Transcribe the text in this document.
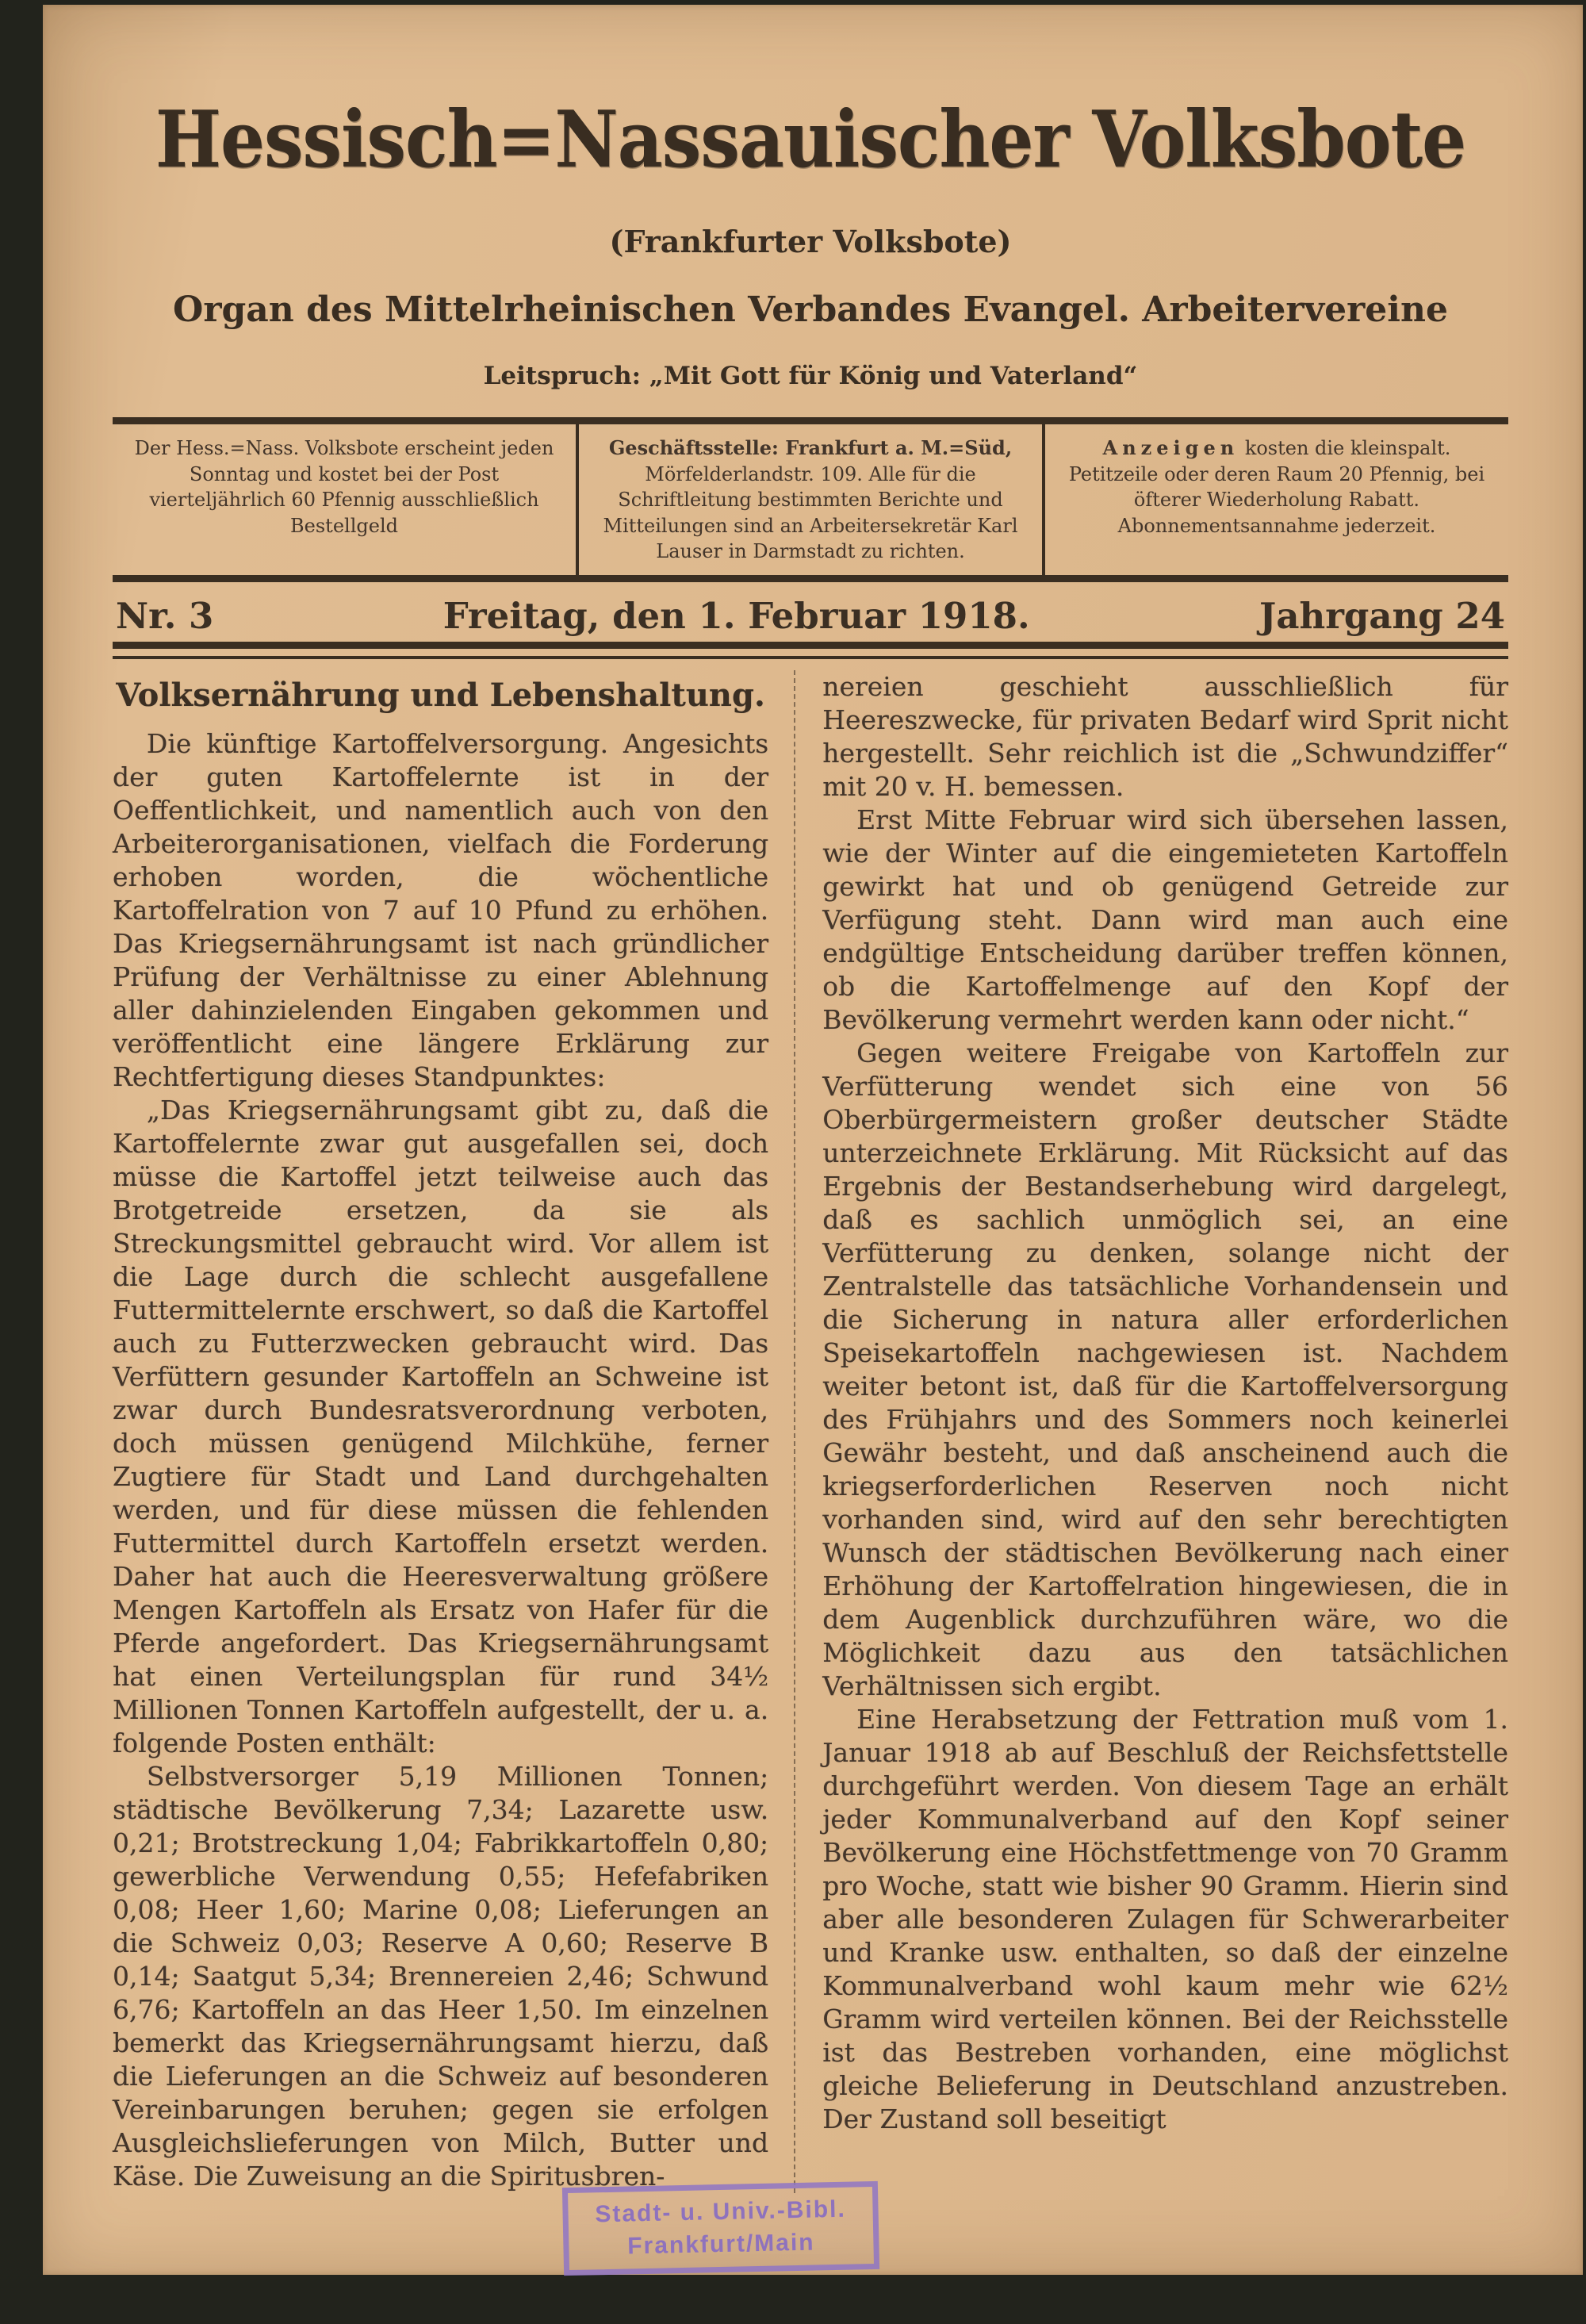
Hessisch=Nassauischer Volksbote
(Frankfurter Volksbote)
Organ des Mittelrheinischen Verbandes Evangel. Arbeitervereine
Leitspruch: „Mit Gott für König und Vaterland“
Der Hess.=Nass. Volksbote erscheint jeden Sonntag und kostet bei der Post vierteljährlich 60 Pfennig ausschließlich Bestellgeld
Geschäftsstelle: Frankfurt a. M.=Süd, Mörfelderlandstr. 109. Alle für die Schriftleitung bestimmten Berichte und Mitteilungen sind an Arbeitersekretär Karl Lauser in Darmstadt zu richten.
Anzeigen kosten die kleinspalt. Petitzeile oder deren Raum 20 Pfennig, bei öfterer Wiederholung Rabatt. Abonnementsannahme jederzeit.
Nr. 3	Freitag, den 1. Februar 1918.	Jahrgang 24
Volksernährung und Lebenshaltung.

Die künftige Kartoffelversorgung. Angesichts der guten Kartoffelernte ist in der Oeffentlichkeit, und namentlich auch von den Arbeiterorganisationen, vielfach die Forderung erhoben worden, die wöchentliche Kartoffelration von 7 auf 10 Pfund zu erhöhen. Das Kriegsernährungsamt ist nach gründlicher Prüfung der Verhältnisse zu einer Ablehnung aller dahinzielenden Eingaben gekommen und veröffentlicht eine längere Erklärung zur Rechtfertigung dieses Standpunktes:

„Das Kriegsernährungsamt gibt zu, daß die Kartoffelernte zwar gut ausgefallen sei, doch müsse die Kartoffel jetzt teilweise auch das Brotgetreide ersetzen, da sie als Streckungsmittel gebraucht wird. Vor allem ist die Lage durch die schlecht ausgefallene Futtermittelernte erschwert, so daß die Kartoffel auch zu Futterzwecken gebraucht wird. Das Verfüttern gesunder Kartoffeln an Schweine ist zwar durch Bundesratsverordnung verboten, doch müssen genügend Milchkühe, ferner Zugtiere für Stadt und Land durchgehalten werden, und für diese müssen die fehlenden Futtermittel durch Kartoffeln ersetzt werden. Daher hat auch die Heeresverwaltung größere Mengen Kartoffeln als Ersatz von Hafer für die Pferde angefordert. Das Kriegsernährungsamt hat einen Verteilungsplan für rund 34½ Millionen Tonnen Kartoffeln aufgestellt, der u. a. folgende Posten enthält:

Selbstversorger 5,19 Millionen Tonnen; städtische Bevölkerung 7,34; Lazarette usw. 0,21; Brotstreckung 1,04; Fabrikkartoffeln 0,80; gewerbliche Verwendung 0,55; Hefefabriken 0,08; Heer 1,60; Marine 0,08; Lieferungen an die Schweiz 0,03; Reserve A 0,60; Reserve B 0,14; Saatgut 5,34; Brennereien 2,46; Schwund 6,76; Kartoffeln an das Heer 1,50. Im einzelnen bemerkt das Kriegsernährungsamt hierzu, daß die Lieferungen an die Schweiz auf besonderen Vereinbarungen beruhen; gegen sie erfolgen Ausgleichslieferungen von Milch, Butter und Käse. Die Zuweisung an die Spiritusbren-

nereien geschieht ausschließlich für Heereszwecke, für privaten Bedarf wird Sprit nicht hergestellt. Sehr reichlich ist die „Schwundziffer“ mit 20 v. H. bemessen.

Erst Mitte Februar wird sich übersehen lassen, wie der Winter auf die eingemieteten Kartoffeln gewirkt hat und ob genügend Getreide zur Verfügung steht. Dann wird man auch eine endgültige Entscheidung darüber treffen können, ob die Kartoffelmenge auf den Kopf der Bevölkerung vermehrt werden kann oder nicht.“

Gegen weitere Freigabe von Kartoffeln zur Verfütterung wendet sich eine von 56 Oberbürgermeistern großer deutscher Städte unterzeichnete Erklärung. Mit Rücksicht auf das Ergebnis der Bestandserhebung wird dargelegt, daß es sachlich unmöglich sei, an eine Verfütterung zu denken, solange nicht der Zentralstelle das tatsächliche Vorhandensein und die Sicherung in natura aller erforderlichen Speisekartoffeln nachgewiesen ist. Nachdem weiter betont ist, daß für die Kartoffelversorgung des Frühjahrs und des Sommers noch keinerlei Gewähr besteht, und daß anscheinend auch die kriegserforderlichen Reserven noch nicht vorhanden sind, wird auf den sehr berechtigten Wunsch der städtischen Bevölkerung nach einer Erhöhung der Kartoffelration hingewiesen, die in dem Augenblick durchzuführen wäre, wo die Möglichkeit dazu aus den tatsächlichen Verhältnissen sich ergibt.

Eine Herabsetzung der Fettration muß vom 1. Januar 1918 ab auf Beschluß der Reichsfettstelle durchgeführt werden. Von diesem Tage an erhält jeder Kommunalverband auf den Kopf seiner Bevölkerung eine Höchstfettmenge von 70 Gramm pro Woche, statt wie bisher 90 Gramm. Hierin sind aber alle besonderen Zulagen für Schwerarbeiter und Kranke usw. enthalten, so daß der einzelne Kommunalverband wohl kaum mehr wie 62½ Gramm wird verteilen können. Bei der Reichsstelle ist das Bestreben vorhanden, eine möglichst gleiche Belieferung in Deutschland anzustreben. Der Zustand soll beseitigt

Stadt- u. Univ.-Bibl.
Frankfurt/Main
